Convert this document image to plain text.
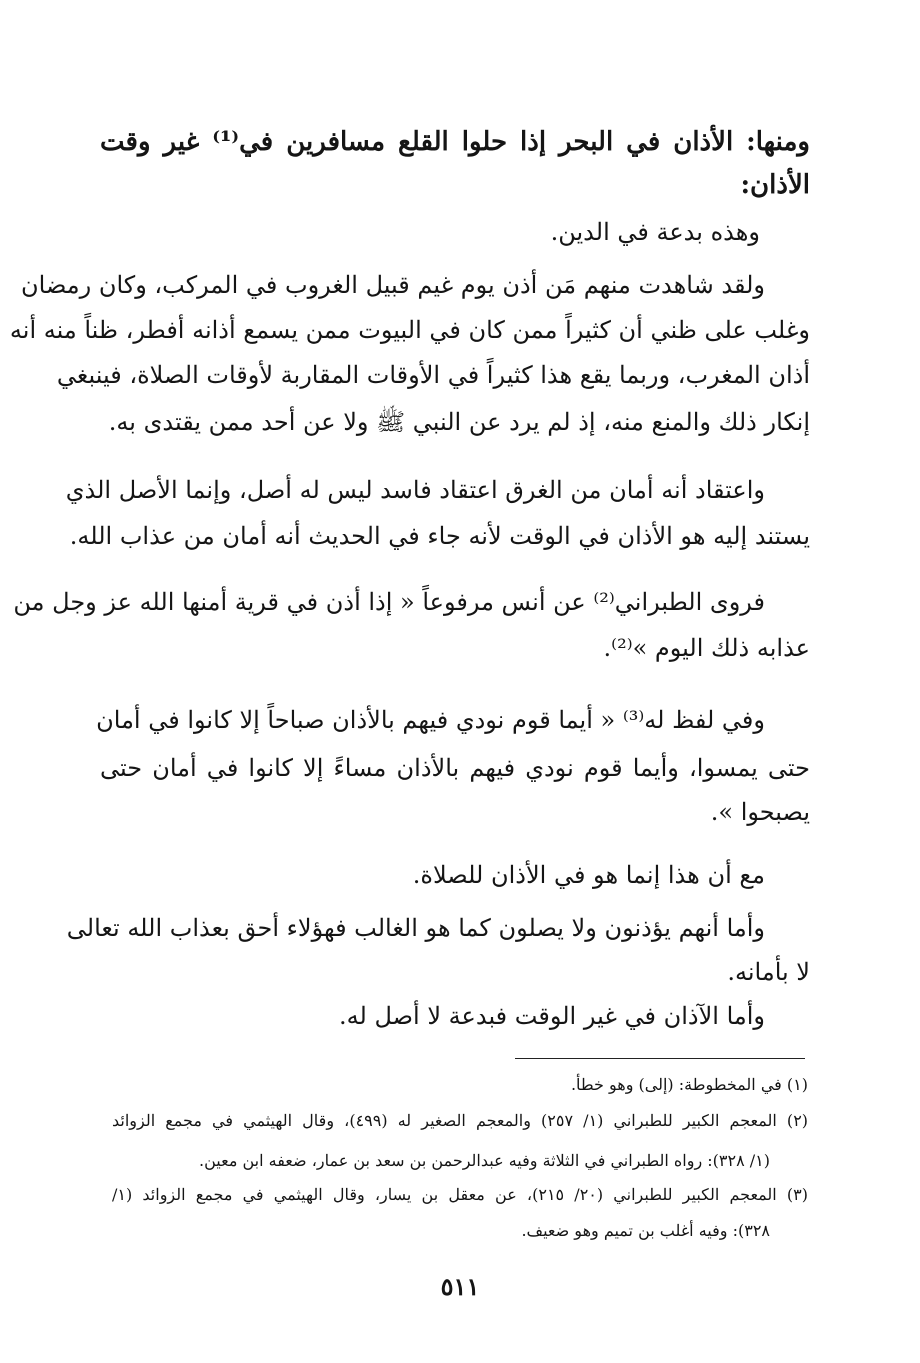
ومنها: الأذان في البحر إذا حلوا القلع مسافرين في⁽¹⁾ غير وقت
الأذان:
وهذه بدعة في الدين.
ولقد شاهدت منهم مَن أذن يوم غيم قبيل الغروب في المركب، وكان رمضان
وغلب على ظني أن كثيراً ممن كان في البيوت ممن يسمع أذانه أفطر، ظناً منه أنه
أذان المغرب، وربما يقع هذا كثيراً في الأوقات المقاربة لأوقات الصلاة، فينبغي
إنكار ذلك والمنع منه، إذ لم يرد عن النبي ﷺ ولا عن أحد ممن يقتدى به.
واعتقاد أنه أمان من الغرق اعتقاد فاسد ليس له أصل، وإنما الأصل الذي
يستند إليه هو الأذان في الوقت لأنه جاء في الحديث أنه أمان من عذاب الله.
فروى الطبراني⁽²⁾ عن أنس مرفوعاً « إذا أذن في قرية أمنها الله عز وجل من
عذابه ذلك اليوم »⁽²⁾.
وفي لفظ له⁽³⁾ « أيما قوم نودي فيهم بالأذان صباحاً إلا كانوا في أمان
حتى يمسوا، وأيما قوم نودي فيهم بالأذان مساءً إلا كانوا في أمان حتى
يصبحوا ».
مع أن هذا إنما هو في الأذان للصلاة.
وأما أنهم يؤذنون ولا يصلون كما هو الغالب فهؤلاء أحق بعذاب الله تعالى
لا بأمانه.
وأما الآذان في غير الوقت فبدعة لا أصل له.
(١) في المخطوطة: (إلى) وهو خطأ.
(٢) المعجم الكبير للطبراني (١/ ٢٥٧) والمعجم الصغير له (٤٩٩)، وقال الهيثمي في مجمع الزوائد
(١/ ٣٢٨): رواه الطبراني في الثلاثة وفيه عبدالرحمن بن سعد بن عمار، ضعفه ابن معين.
(٣) المعجم الكبير للطبراني (٢٠/ ٢١٥)، عن معقل بن يسار، وقال الهيثمي في مجمع الزوائد (١/
٣٢٨): وفيه أغلب بن تميم وهو ضعيف.
٥١١
